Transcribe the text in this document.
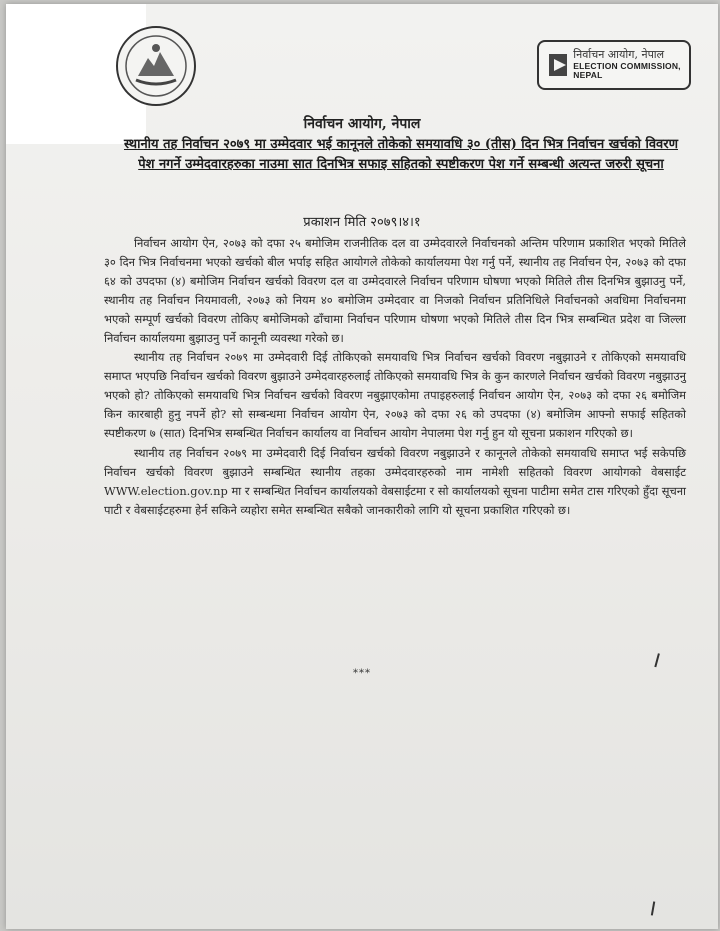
निर्वाचन आयोग, नेपाल
ELECTION COMMISSION, NEPAL
निर्वाचन आयोग, नेपाल
स्थानीय तह निर्वाचन २०७९ मा उम्मेदवार भई कानूनले तोकेको समयावधि ३० (तीस) दिन भित्र निर्वाचन खर्चको विवरण पेश नगर्ने उम्मेदवारहरुका नाउमा सात दिनभित्र सफाइ सहितको स्पष्टीकरण पेश गर्ने सम्बन्धी अत्यन्त जरुरी सूचना
प्रकाशन मिति २०७९।४।१

निर्वाचन आयोग ऐन, २०७३ को दफा २५ बमोजिम राजनीतिक दल वा उम्मेदवारले निर्वाचनको अन्तिम परिणाम प्रकाशित भएको मितिले ३० दिन भित्र निर्वाचनमा भएको खर्चको बील भर्पाइ सहित आयोगले तोकेको कार्यालयमा पेश गर्नु पर्ने, स्थानीय तह निर्वाचन ऐन, २०७३ को दफा ६४ को उपदफा (४) बमोजिम निर्वाचन खर्चको विवरण दल वा उम्मेदवारले निर्वाचन परिणाम घोषणा भएको मितिले तीस दिनभित्र बुझाउनु पर्ने, स्थानीय तह निर्वाचन नियमावली, २०७३ को नियम ४० बमोजिम उम्मेदवार वा निजको निर्वाचन प्रतिनिधिले निर्वाचनको अवधिमा निर्वाचनमा भएको सम्पूर्ण खर्चको विवरण तोकिए बमोजिमको ढाँचामा निर्वाचन परिणाम घोषणा भएको मितिले तीस दिन भित्र सम्बन्धित प्रदेश वा जिल्ला निर्वाचन कार्यालयमा बुझाउनु पर्ने कानूनी व्यवस्था गरेको छ।

स्थानीय तह निर्वाचन २०७९ मा उम्मेदवारी दिई तोकिएको समयावधि भित्र निर्वाचन खर्चको विवरण नबुझाउने र तोकिएको समयावधि समाप्त भएपछि निर्वाचन खर्चको विवरण बुझाउने उम्मेदवारहरुलाई तोकिएको समयावधि भित्र के कुन कारणले निर्वाचन खर्चको विवरण नबुझाउनु भएको हो? तोकिएको समयावधि भित्र निर्वाचन खर्चको विवरण नबुझाएकोमा तपाइहरुलाई निर्वाचन आयोग ऐन, २०७३ को दफा २६ बमोजिम किन कारबाही हुनु नपर्ने हो? सो सम्बन्धमा निर्वाचन आयोग ऐन, २०७३ को दफा २६ को उपदफा (४) बमोजिम आफ्नो सफाई सहितको स्पष्टीकरण ७ (सात) दिनभित्र सम्बन्धित निर्वाचन कार्यालय वा निर्वाचन आयोग नेपालमा पेश गर्नु हुन यो सूचना प्रकाशन गरिएको छ।

स्थानीय तह निर्वाचन २०७९ मा उम्मेदवारी दिई निर्वाचन खर्चको विवरण नबुझाउने र कानूनले तोकेको समयावधि समाप्त भई सकेपछि निर्वाचन खर्चको विवरण बुझाउने सम्बन्धित स्थानीय तहका उम्मेदवारहरुको नाम नामेशी सहितको विवरण आयोगको वेबसाईट WWW.election.gov.np मा र सम्बन्धित निर्वाचन कार्यालयको वेबसाईटमा र सो कार्यालयको सूचना पाटीमा समेत टास गरिएको हुँदा सूचना पाटी र वेबसाईटहरुमा हेर्न सकिने व्यहोरा समेत सम्बन्धित सबैको जानकारीको लागि यो सूचना प्रकाशित गरिएको छ।

***
